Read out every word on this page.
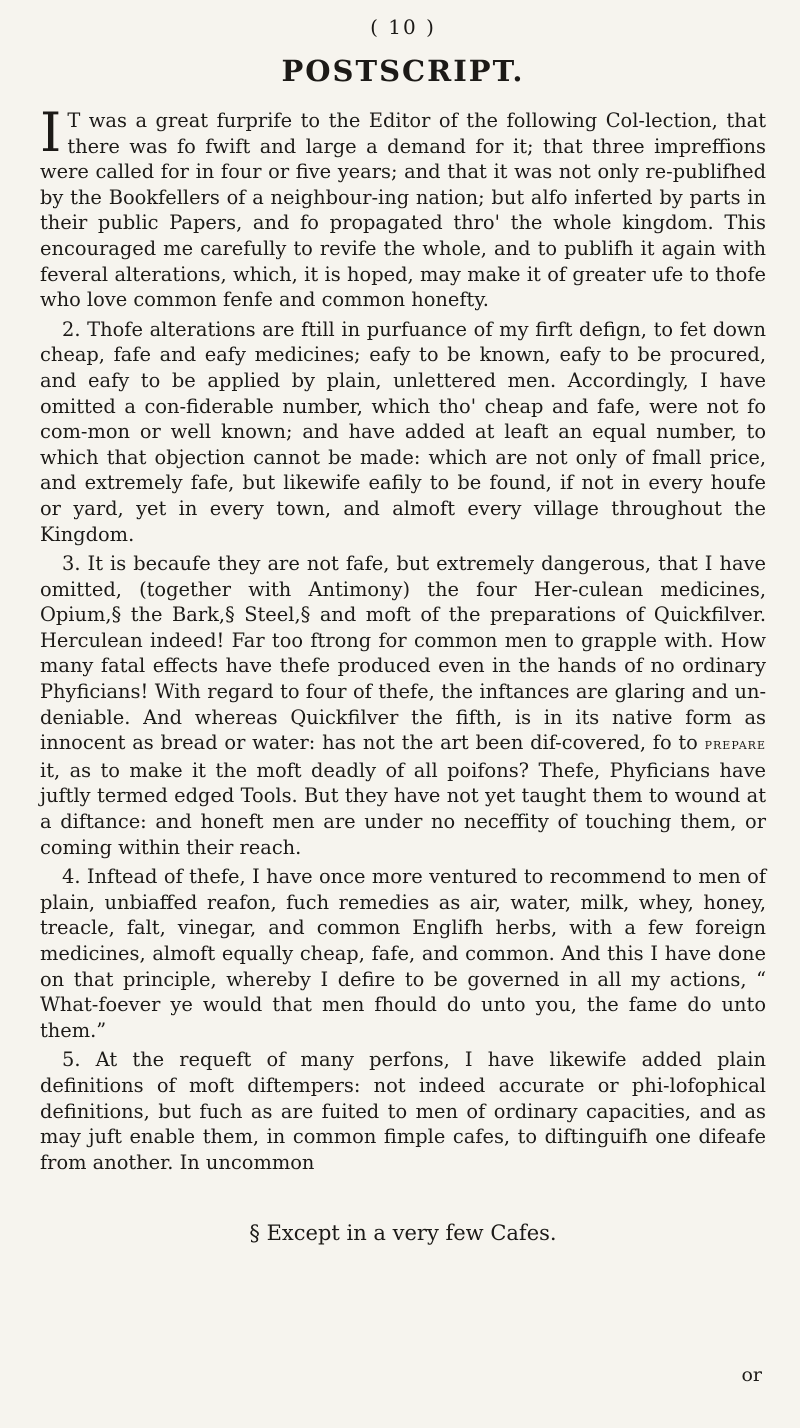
( 10 )
POSTSCRIPT.

I T was a great furprife to the Editor of the following Col-lection, that there was fo fwift and large a demand for it; that three impreffions were called for in four or five years; and that it was not only re-publifhed by the Bookfellers of a neighbour-ing nation; but alfo inferted by parts in their public Papers, and fo propagated thro' the whole kingdom. This encouraged me carefully to revife the whole, and to publifh it again with feveral alterations, which, it is hoped, may make it of greater ufe to thofe who love common fenfe and common honefty.

2. Thofe alterations are ftill in purfuance of my firft defign, to fet down cheap, fafe and eafy medicines; eafy to be known, eafy to be procured, and eafy to be applied by plain, unlettered men. Accordingly, I have omitted a con-fiderable number, which tho' cheap and fafe, were not fo com-mon or well known; and have added at leaft an equal number, to which that objection cannot be made: which are not only of fmall price, and extremely fafe, but likewife eafily to be found, if not in every houfe or yard, yet in every town, and almoft every village throughout the Kingdom.

3. It is becaufe they are not fafe, but extremely dangerous, that I have omitted, (together with Antimony) the four Her-culean medicines, Opium,§ the Bark,§ Steel,§ and moft of the preparations of Quickfilver. Herculean indeed! Far too ftrong for common men to grapple with. How many fatal effects have thefe produced even in the hands of no ordinary Phyficians! With regard to four of thefe, the inftances are glaring and un-deniable. And whereas Quickfilver the fifth, is in its native form as innocent as bread or water: has not the art been dif-covered, fo to prepare it, as to make it the moft deadly of all poifons? Thefe, Phyficians have juftly termed edged Tools. But they have not yet taught them to wound at a diftance: and honeft men are under no neceffity of touching them, or coming within their reach.

4. Inftead of thefe, I have once more ventured to recommend to men of plain, unbiaffed reafon, fuch remedies as air, water, milk, whey, honey, treacle, falt, vinegar, and common Englifh herbs, with a few foreign medicines, almoft equally cheap, fafe, and common. And this I have done on that principle, whereby I defire to be governed in all my actions, “ What-foever ye would that men fhould do unto you, the fame do unto them.”

5. At the requeft of many perfons, I have likewife added plain definitions of moft diftempers: not indeed accurate or phi-lofophical definitions, but fuch as are fuited to men of ordinary capacities, and as may juft enable them, in common fimple cafes, to diftinguifh one difeafe from another. In uncommon

§ Except in a very few Cafes.
or
